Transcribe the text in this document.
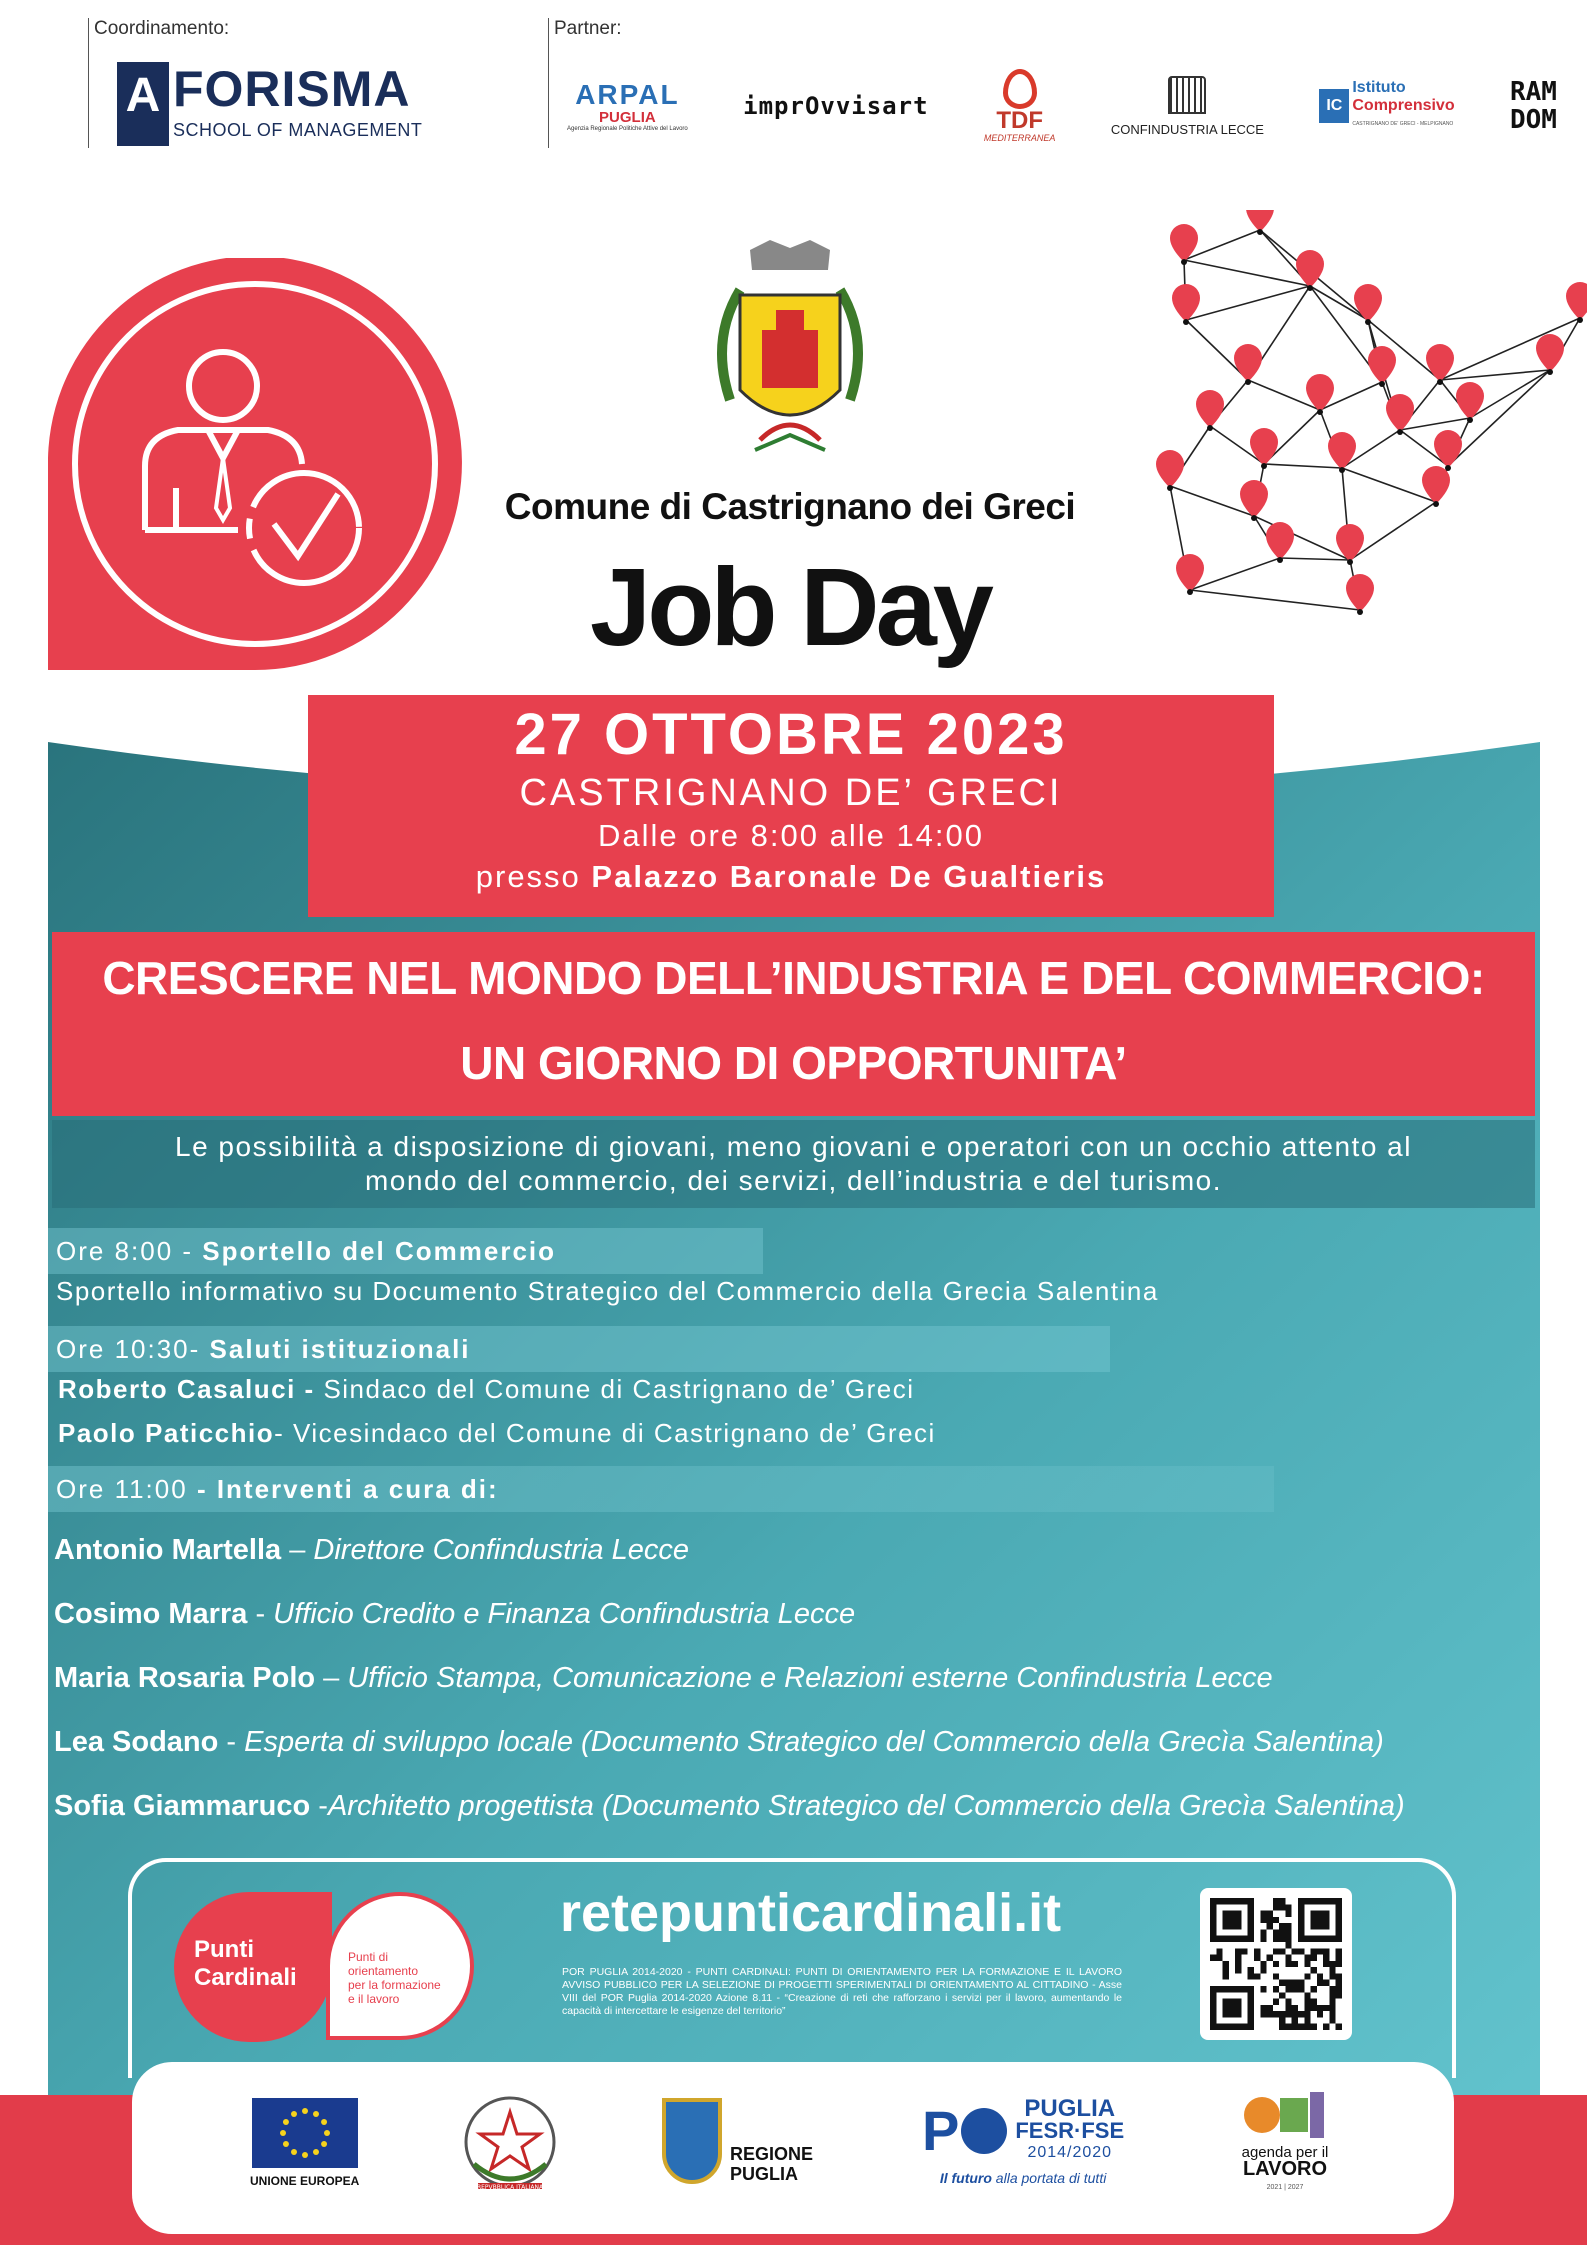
Coordinamento:
A FORISMA
SCHOOL OF MANAGEMENT
Partner:
ARPAL
PUGLIA
Agenzia Regionale Politiche Attive del Lavoro
imprOvvisart
TDF
MEDITERRANEA
CONFINDUSTRIA LECCE
IC
Istituto
Comprensivo
CASTRIGNANO DE' GRECI - MELPIGNANO
RAM
DOM
Comune di Castrignano dei Greci
Job Day
27 OTTOBRE 2023
CASTRIGNANO DE’ GRECI
Dalle ore 8:00 alle 14:00
presso Palazzo Baronale De Gualtieris
CRESCERE NEL MONDO DELL’INDUSTRIA E DEL COMMERCIO:
UN GIORNO DI OPPORTUNITA’
Le possibilità a disposizione di giovani, meno giovani e operatori con un occhio attento al
mondo del commercio, dei servizi, dell’industria e del turismo.
Ore 8:00 - Sportello del Commercio
Sportello informativo su Documento Strategico del Commercio della Grecia Salentina
Ore 10:30- Saluti istituzionali
Roberto Casaluci - Sindaco del Comune di Castrignano de’ Greci
Paolo Paticchio- Vicesindaco del Comune di Castrignano de’ Greci
Ore 11:00 - Interventi a cura di:
Antonio Martella – Direttore Confindustria Lecce
Cosimo Marra - Ufficio Credito e Finanza Confindustria Lecce
Maria Rosaria Polo – Ufficio Stampa, Comunicazione e Relazioni esterne Confindustria Lecce
Lea Sodano - Esperta di sviluppo locale (Documento Strategico del Commercio della Grecìa Salentina)
Sofia Giammaruco -Architetto progettista (Documento Strategico del Commercio della Grecìa Salentina)
Punti
Cardinali
Punti di
orientamento
per la formazione
e il lavoro
retepunticardinali.it
POR PUGLIA 2014-2020 - PUNTI CARDINALI: PUNTI DI ORIENTAMENTO PER LA FORMAZIONE E IL LAVORO AVVISO PUBBLICO PER LA SELEZIONE DI PROGETTI SPERIMENTALI DI ORIENTAMENTO AL CITTADINO - Asse VIII del POR Puglia 2014-2020 Azione 8.11 - “Creazione di reti che rafforzano i servizi per il lavoro, aumentando le capacità di intercettare le esigenze del territorio”
UNIONE EUROPEA	REPVBBLICA ITALIANA
REGIONE
PUGLIA
P	PUGLIA
FESR·FSE
2014/2020
Il futuro alla portata di tutti
agenda per il
LAVORO
2021 | 2027
